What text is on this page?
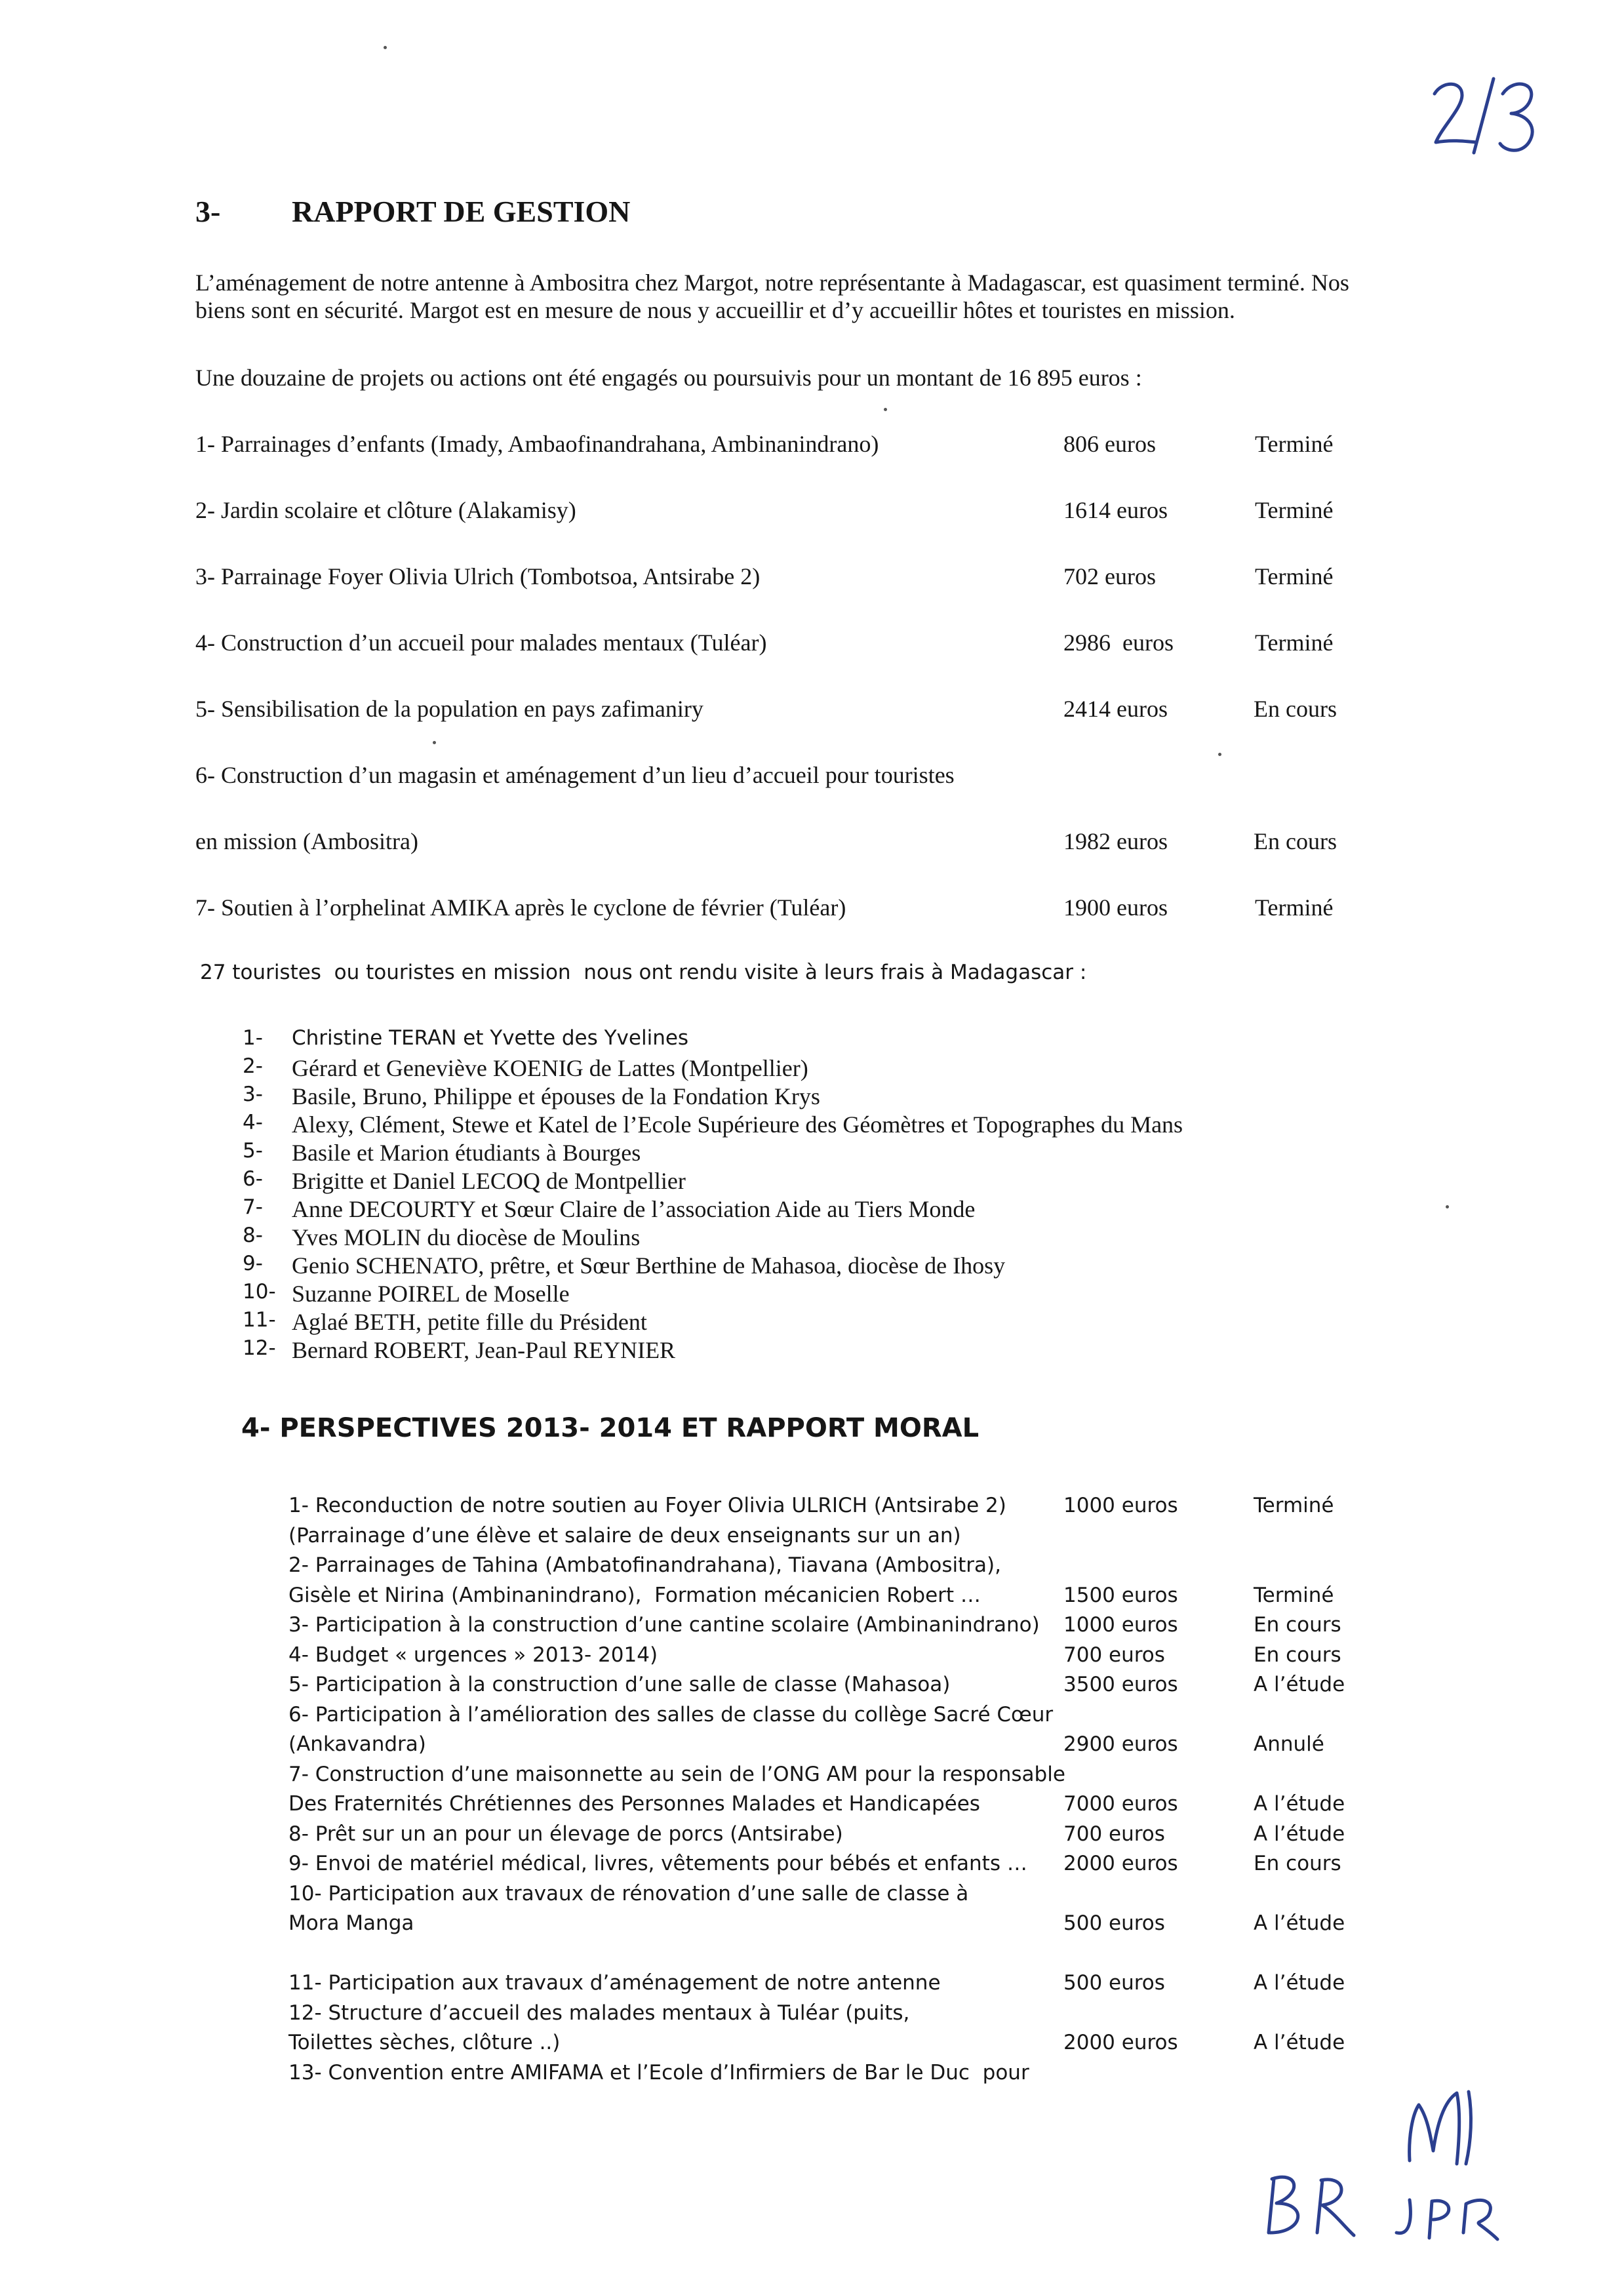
3- RAPPORT DE GESTION
L’aménagement de notre antenne à Ambositra chez Margot, notre représentante à Madagascar, est quasiment terminé. Nos
biens sont en sécurité. Margot est en mesure de nous y accueillir et d’y accueillir hôtes et touristes en mission.
Une douzaine de projets ou actions ont été engagés ou poursuivis pour un montant de 16 895 euros :
1- Parrainages d’enfants (Imady, Ambaofinandrahana, Ambinanindrano)	806 euros	Terminé
2- Jardin scolaire et clôture (Alakamisy)	1614 euros	Terminé
3- Parrainage Foyer Olivia Ulrich (Tombotsoa, Antsirabe 2)	702 euros	Terminé
4- Construction d’un accueil pour malades mentaux (Tuléar)	2986  euros	Terminé
5- Sensibilisation de la population en pays zafimaniry	2414 euros	En cours
6- Construction d’un magasin et aménagement d’un lieu d’accueil pour touristes
en mission (Ambositra)	1982 euros	En cours
7- Soutien à l’orphelinat AMIKA après le cyclone de février (Tuléar)	1900 euros	Terminé
27 touristes  ou touristes en mission  nous ont rendu visite à leurs frais à Madagascar :
1- Christine TERAN et Yvette des Yvelines
2- Gérard et Geneviève KOENIG de Lattes (Montpellier)
3- Basile, Bruno, Philippe et épouses de la Fondation Krys
4- Alexy, Clément, Stewe et Katel de l’Ecole Supérieure des Géomètres et Topographes du Mans
5- Basile et Marion étudiants à Bourges
6- Brigitte et Daniel LECOQ de Montpellier
7- Anne DECOURTY et Sœur Claire de l’association Aide au Tiers Monde
8- Yves MOLIN du diocèse de Moulins
9- Genio SCHENATO, prêtre, et Sœur Berthine de Mahasoa, diocèse de Ihosy
10- Suzanne POIREL de Moselle
11- Aglaé BETH, petite fille du Président
12- Bernard ROBERT, Jean-Paul REYNIER
4- PERSPECTIVES 2013- 2014 ET RAPPORT MORAL
1- Reconduction de notre soutien au Foyer Olivia ULRICH (Antsirabe 2)	1000 euros	Terminé
(Parrainage d’une élève et salaire de deux enseignants sur un an)
2- Parrainages de Tahina (Ambatofinandrahana), Tiavana (Ambositra),
Gisèle et Nirina (Ambinanindrano),  Formation mécanicien Robert …	1500 euros	Terminé
3- Participation à la construction d’une cantine scolaire (Ambinanindrano) 1000 euros	En cours
4- Budget « urgences » 2013- 2014)	700 euros	En cours
5- Participation à la construction d’une salle de classe (Mahasoa)	3500 euros	A l’étude
6- Participation à l’amélioration des salles de classe du collège Sacré Cœur
(Ankavandra)	2900 euros	Annulé
7- Construction d’une maisonnette au sein de l’ONG AM pour la responsable
Des Fraternités Chrétiennes des Personnes Malades et Handicapées	7000 euros	A l’étude
8- Prêt sur un an pour un élevage de porcs (Antsirabe)	700 euros	A l’étude
9- Envoi de matériel médical, livres, vêtements pour bébés et enfants … 2000 euros	En cours
10- Participation aux travaux de rénovation d’une salle de classe à
Mora Manga	500 euros	A l’étude
11- Participation aux travaux d’aménagement de notre antenne	500 euros	A l’étude
12- Structure d’accueil des malades mentaux à Tuléar (puits,
Toilettes sèches, clôture ..)	2000 euros	A l’étude
13- Convention entre AMIFAMA et l’Ecole d’Infirmiers de Bar le Duc  pour
